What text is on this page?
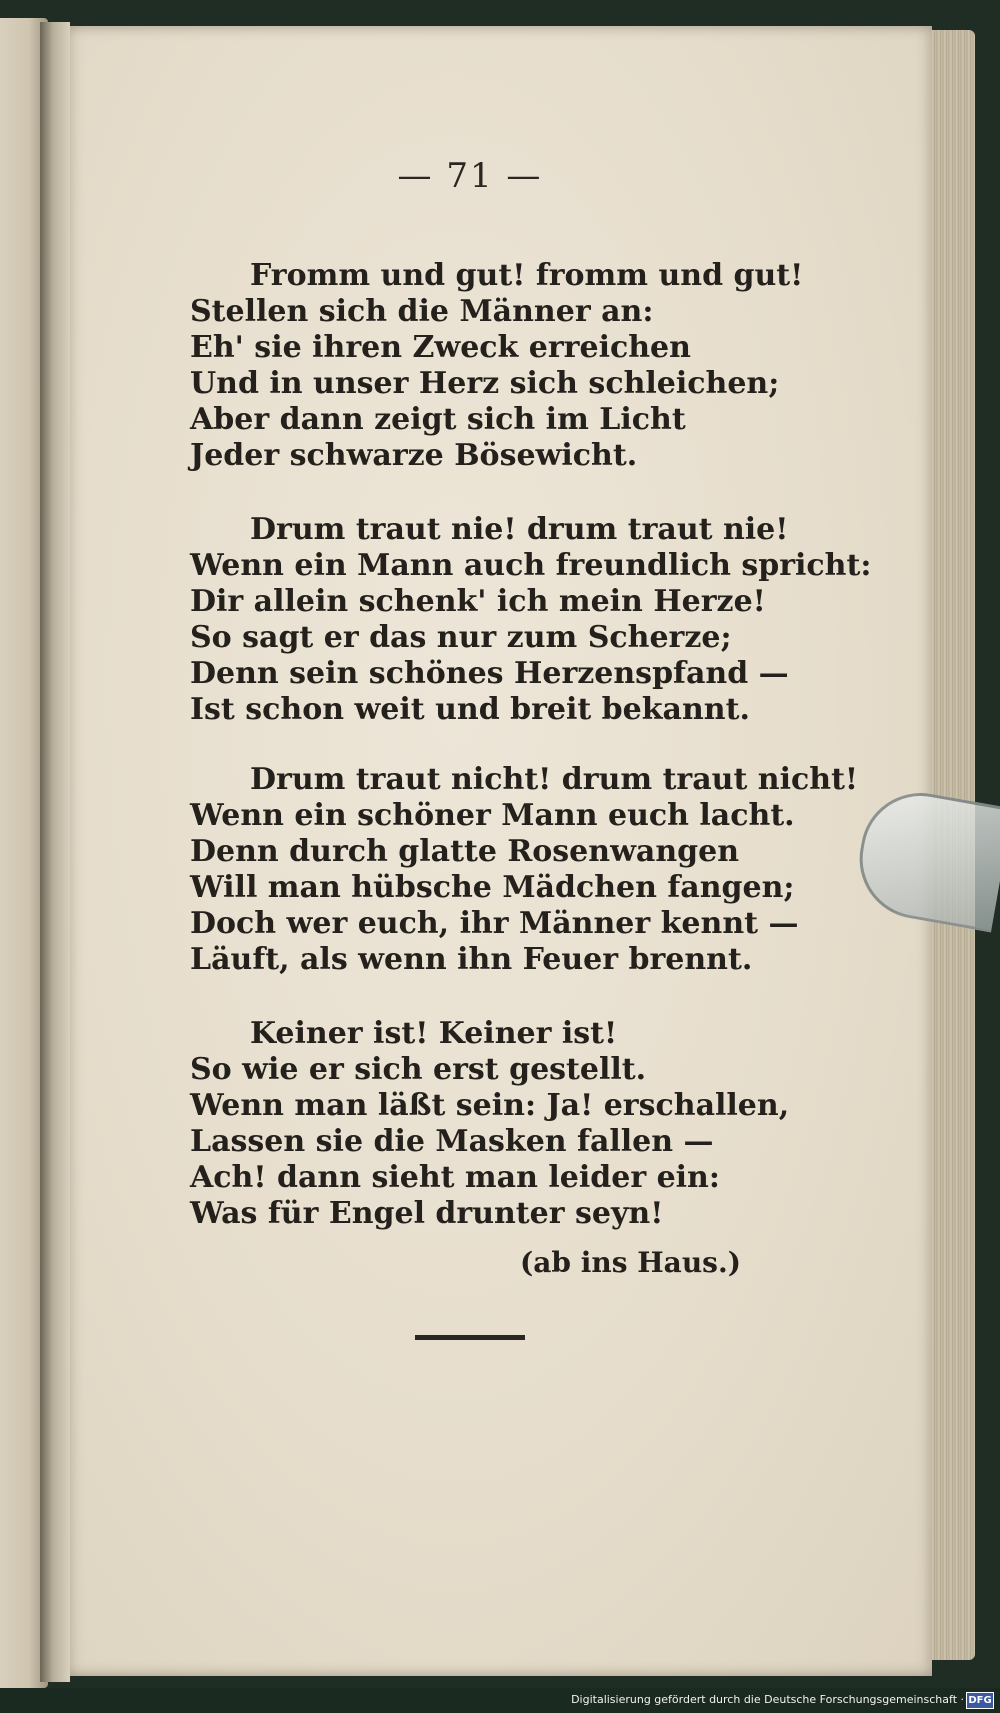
— 71 —
Fromm und gut! fromm und gut!
Stellen sich die Männer an:
Eh' sie ihren Zweck erreichen
Und in unser Herz sich schleichen;
Aber dann zeigt sich im Licht
Jeder schwarze Bösewicht.
Drum traut nie! drum traut nie!
Wenn ein Mann auch freundlich spricht:
Dir allein schenk' ich mein Herze!
So sagt er das nur zum Scherze;
Denn sein schönes Herzenspfand —
Ist schon weit und breit bekannt.
Drum traut nicht! drum traut nicht!
Wenn ein schöner Mann euch lacht.
Denn durch glatte Rosenwangen
Will man hübsche Mädchen fangen;
Doch wer euch, ihr Männer kennt —
Läuft, als wenn ihn Feuer brennt.
Keiner ist! Keiner ist!
So wie er sich erst gestellt.
Wenn man läßt sein: Ja! erschallen,
Lassen sie die Masken fallen —
Ach! dann sieht man leider ein:
Was für Engel drunter seyn!
(ab ins Haus.)
Digitalisierung gefördert durch die Deutsche Forschungsgemeinschaft · DFG
